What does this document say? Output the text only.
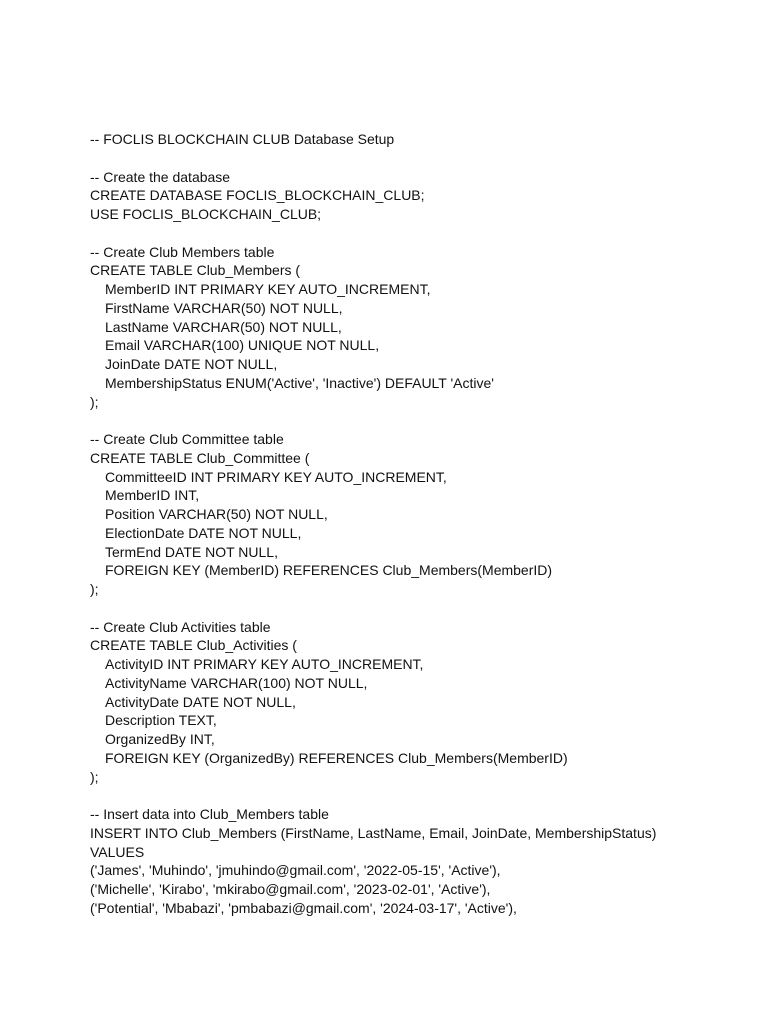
-- FOCLIS BLOCKCHAIN CLUB Database Setup
-- Create the database
CREATE DATABASE FOCLIS_BLOCKCHAIN_CLUB;
USE FOCLIS_BLOCKCHAIN_CLUB;
-- Create Club Members table
CREATE TABLE Club_Members (
MemberID INT PRIMARY KEY AUTO_INCREMENT,
FirstName VARCHAR(50) NOT NULL,
LastName VARCHAR(50) NOT NULL,
Email VARCHAR(100) UNIQUE NOT NULL,
JoinDate DATE NOT NULL,
MembershipStatus ENUM('Active', 'Inactive') DEFAULT 'Active'
);
-- Create Club Committee table
CREATE TABLE Club_Committee (
CommitteeID INT PRIMARY KEY AUTO_INCREMENT,
MemberID INT,
Position VARCHAR(50) NOT NULL,
ElectionDate DATE NOT NULL,
TermEnd DATE NOT NULL,
FOREIGN KEY (MemberID) REFERENCES Club_Members(MemberID)
);
-- Create Club Activities table
CREATE TABLE Club_Activities (
ActivityID INT PRIMARY KEY AUTO_INCREMENT,
ActivityName VARCHAR(100) NOT NULL,
ActivityDate DATE NOT NULL,
Description TEXT,
OrganizedBy INT,
FOREIGN KEY (OrganizedBy) REFERENCES Club_Members(MemberID)
);
-- Insert data into Club_Members table
INSERT INTO Club_Members (FirstName, LastName, Email, JoinDate, MembershipStatus)
VALUES
('James', 'Muhindo', 'jmuhindo@gmail.com', '2022-05-15', 'Active'),
('Michelle', 'Kirabo', 'mkirabo@gmail.com', '2023-02-01', 'Active'),
('Potential', 'Mbabazi', 'pmbabazi@gmail.com', '2024-03-17', 'Active'),
